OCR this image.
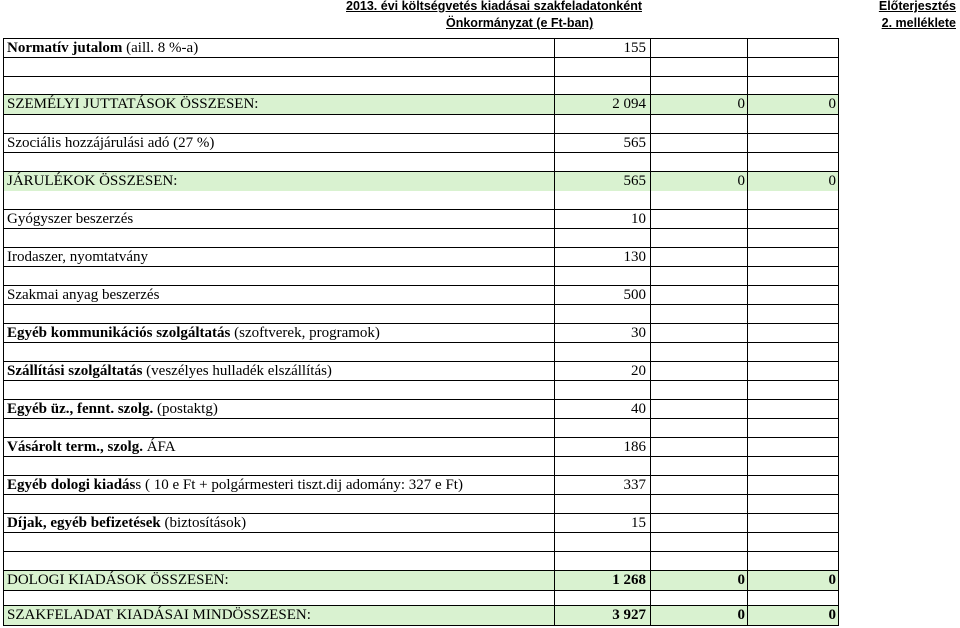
2013. évi költségvetés kiadásai szakfeladatonként
Önkormányzat (e Ft-ban)
Előterjesztés
2. melléklete
Normatív jutalom (aill. 8 %-a)	155
SZEMÉLYI JUTTATÁSOK ÖSSZESEN:	2 094	0	0
Szociális hozzájárulási adó (27 %)	565
JÁRULÉKOK ÖSSZESEN:	565	0	0
Gyógyszer beszerzés	10
Irodaszer, nyomtatvány	130
Szakmai anyag beszerzés	500
Egyéb kommunikációs szolgáltatás (szoftverek, programok)	30
Szállítási szolgáltatás (veszélyes hulladék elszállítás)	20
Egyéb üz., fennt. szolg. (postaktg)	40
Vásárolt term., szolg. ÁFA	186
Egyéb dologi kiadáss ( 10 e Ft + polgármesteri tiszt.dij adomány: 327 e Ft)	337
Díjak, egyéb befizetések (biztosítások)	15
DOLOGI KIADÁSOK ÖSSZESEN:	1 268	0	0
SZAKFELADAT KIADÁSAI MINDÖSSZESEN:	3 927	0	0
